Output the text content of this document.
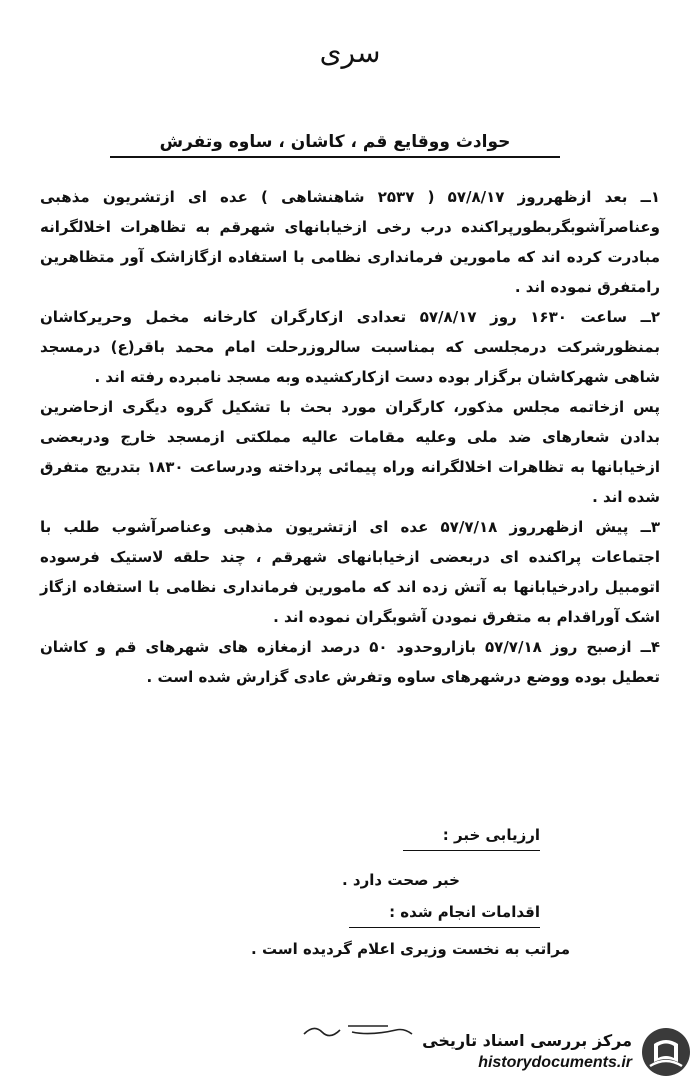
سری
حوادث ووقایع قم ، کاشان ، ساوه وتفرش

۱ــ بعد ازظهرروز ۵۷/۸/۱۷ ( ۲۵۳۷ شاهنشاهی ) عده ای ازتشریون مذهبی وعناصرآشوبگربطورپراکنده درب رخی ازخیابانهای شهرقم به تظاهرات اخلالگرانه مبادرت کرده اند که مامورین فرمانداری نظامی با استفاده ازگازاشک آور متظاهرین رامتفرق نموده اند .

۲ــ ساعت ۱۶۳۰ روز ۵۷/۸/۱۷ تعدادی ازکارگران کارخانه مخمل وحریرکاشان بمنظورشرکت درمجلسی که بمناسبت سالروزرحلت امام محمد باقر(ع) درمسجد شاهی شهرکاشان برگزار بوده دست ازکارکشیده وبه مسجد نامبرده رفته اند .

پس ازخاتمه مجلس مذکور، کارگران مورد بحث با تشکیل گروه دیگری ازحاضرین بدادن شعارهای ضد ملی وعلیه مقامات عالیه مملکتی ازمسجد خارج ودربعضی ازخیابانها به تظاهرات اخلالگرانه وراه پیمائی پرداخته ودرساعت ۱۸۳۰ بتدریج متفرق شده اند .

۳ــ پیش ازظهرروز ۵۷/۷/۱۸ عده ای ازتشریون مذهبی وعناصرآشوب طلب با اجتماعات پراکنده ای دربعضی ازخیابانهای شهرقم ، چند حلقه لاستیک فرسوده اتومبیل رادرخیابانها به آتش زده اند که مامورین فرمانداری نظامی با استفاده ازگاز اشک آوراقدام به متفرق نمودن آشوبگران نموده اند .

۴ــ ازصبح روز ۵۷/۷/۱۸ بازاروحدود ۵۰ درصد ازمغازه های شهرهای قم و کاشان تعطیل بوده ووضع درشهرهای ساوه وتفرش عادی گزارش شده است .

ارزیابی خبر :
خبر صحت دارد .
اقدامات انجام شده :
مراتب به نخست وزیری اعلام گردیده است .
مرکز بررسی اسناد تاریخی
historydocuments.ir
